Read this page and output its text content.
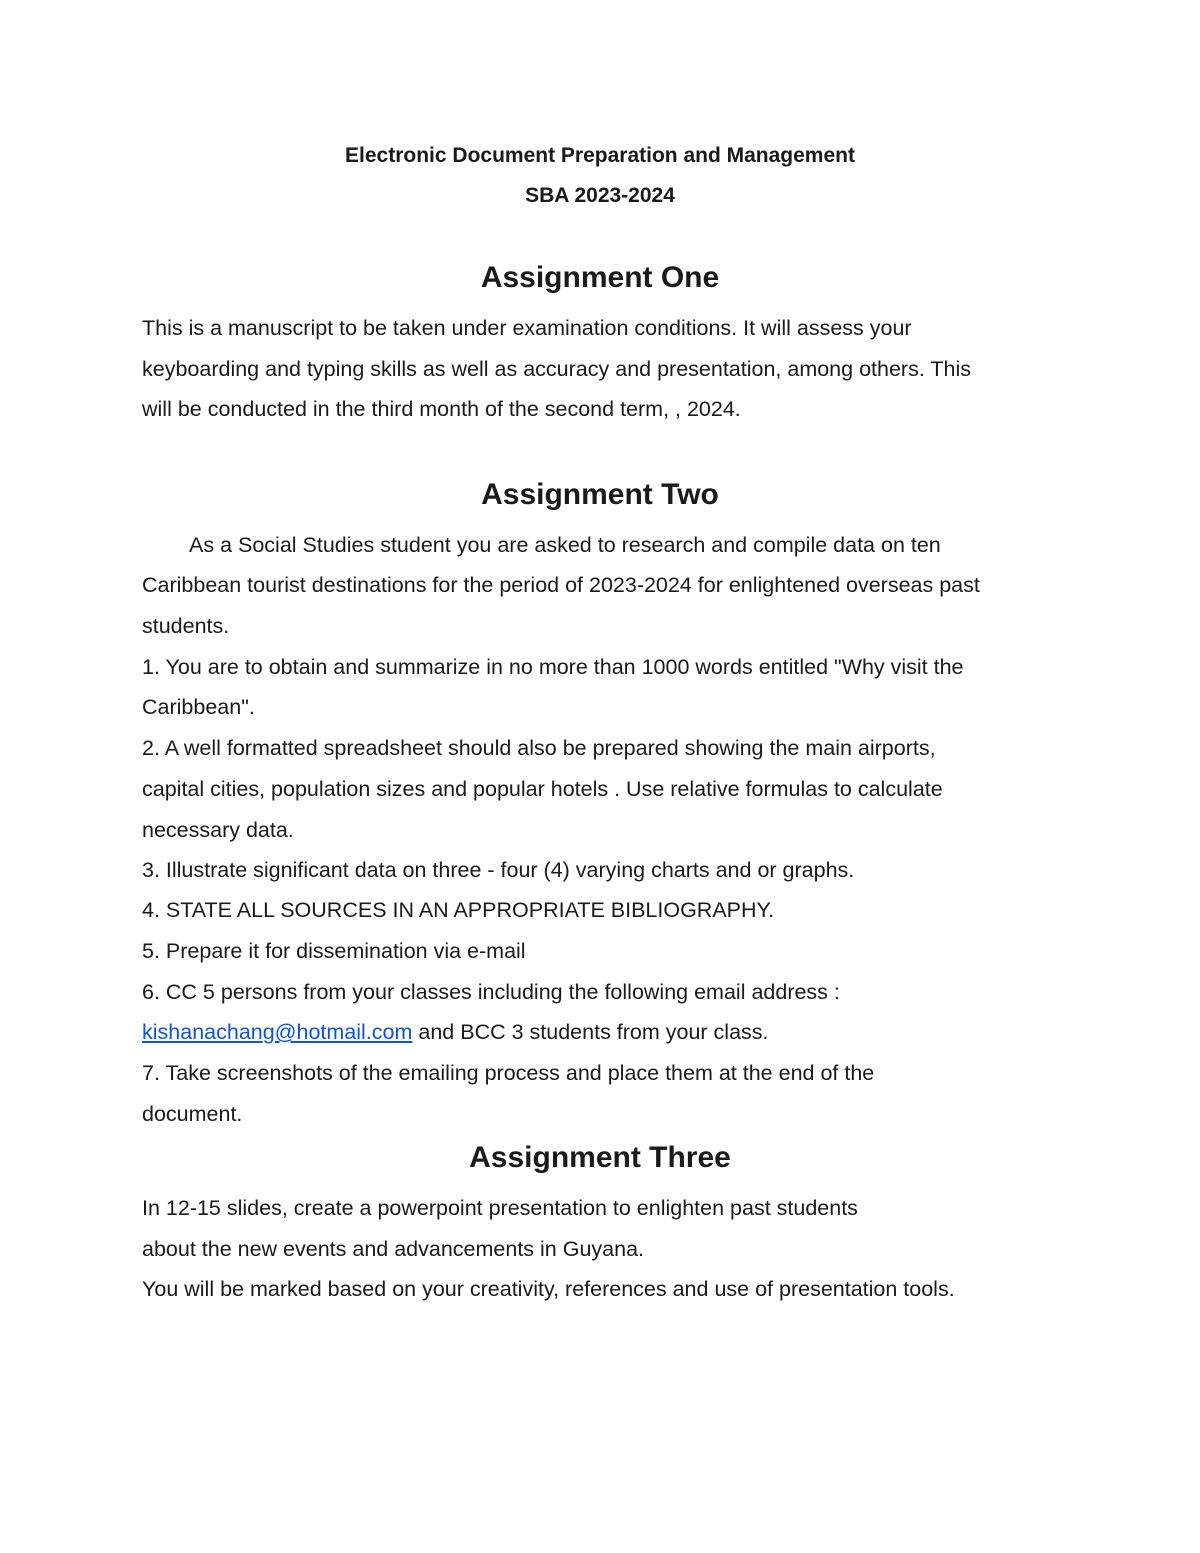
Electronic Document Preparation and Management
SBA 2023-2024
Assignment One
This is a manuscript to be taken under examination conditions. It will assess your
keyboarding and typing skills as well as accuracy and presentation, among others. This
will be conducted in the third month of the second term, , 2024.
Assignment Two
As a Social Studies student you are asked to research and compile data on ten
Caribbean tourist destinations for the period of 2023-2024 for enlightened overseas past
students.
1. You are to obtain and summarize in no more than 1000 words entitled "Why visit the
Caribbean".
2. A well formatted spreadsheet should also be prepared showing the main airports,
capital cities, population sizes and popular hotels . Use relative formulas to calculate
necessary data.
3. Illustrate significant data on three - four (4) varying charts and or graphs.
4. STATE ALL SOURCES IN AN APPROPRIATE BIBLIOGRAPHY.
5. Prepare it for dissemination via e-mail
6. CC 5 persons from your classes including the following email address :
kishanachang@hotmail.com and BCC 3 students from your class.
7. Take screenshots of the emailing process and place them at the end of the
document.
Assignment Three
In 12-15 slides, create a powerpoint presentation to enlighten past students
about the new events and advancements in Guyana.
You will be marked based on your creativity, references and use of presentation tools.
